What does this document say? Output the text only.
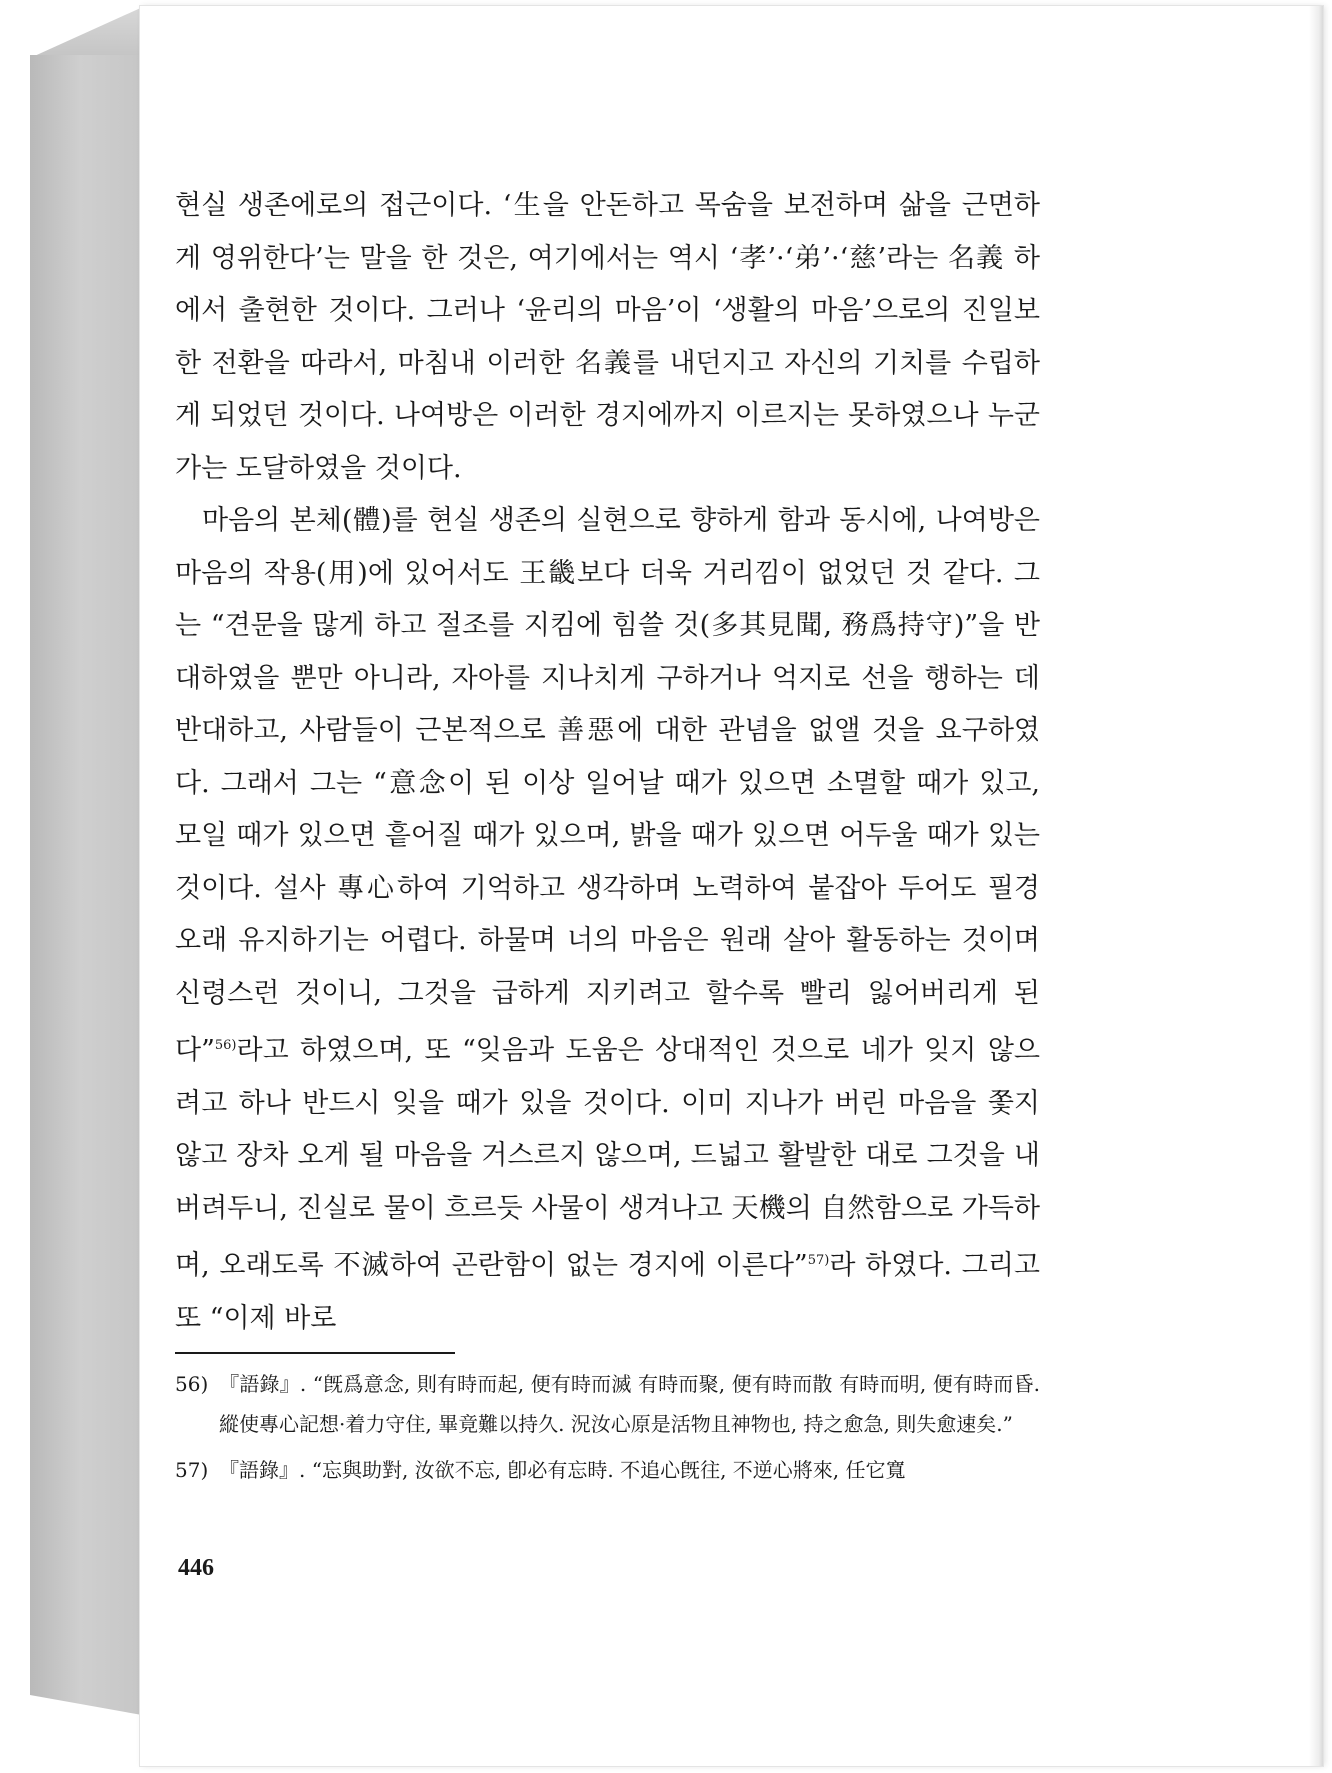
현실 생존에로의 접근이다. ‘生을 안돈하고 목숨을 보전하며 삶을 근면하게 영위한다’는 말을 한 것은, 여기에서는 역시 ‘孝’·‘弟’·‘慈’라는 名義 하에서 출현한 것이다. 그러나 ‘윤리의 마음’이 ‘생활의 마음’으로의 진일보한 전환을 따라서, 마침내 이러한 名義를 내던지고 자신의 기치를 수립하게 되었던 것이다. 나여방은 이러한 경지에까지 이르지는 못하였으나 누군가는 도달하였을 것이다.

마음의 본체(體)를 현실 생존의 실현으로 향하게 함과 동시에, 나여방은 마음의 작용(用)에 있어서도 王畿보다 더욱 거리낌이 없었던 것 같다. 그는 “견문을 많게 하고 절조를 지킴에 힘쓸 것(多其見聞, 務爲持守)”을 반대하였을 뿐만 아니라, 자아를 지나치게 구하거나 억지로 선을 행하는 데 반대하고, 사람들이 근본적으로 善惡에 대한 관념을 없앨 것을 요구하였다. 그래서 그는 “意念이 된 이상 일어날 때가 있으면 소멸할 때가 있고, 모일 때가 있으면 흩어질 때가 있으며, 밝을 때가 있으면 어두울 때가 있는 것이다. 설사 專心하여 기억하고 생각하며 노력하여 붙잡아 두어도 필경 오래 유지하기는 어렵다. 하물며 너의 마음은 원래 살아 활동하는 것이며 신령스런 것이니, 그것을 급하게 지키려고 할수록 빨리 잃어버리게 된다”$^{56)}$라고 하였으며, 또 “잊음과 도움은 상대적인 것으로 네가 잊지 않으려고 하나 반드시 잊을 때가 있을 것이다. 이미 지나가 버린 마음을 쫓지 않고 장차 오게 될 마음을 거스르지 않으며, 드넓고 활발한 대로 그것을 내버려두니, 진실로 물이 흐르듯 사물이 생겨나고 天機의 自然함으로 가득하며, 오래도록 不滅하여 곤란함이 없는 경지에 이른다”$^{57)}$라 하였다. 그리고 또 “이제 바로

56) 『語錄』. “旣爲意念, 則有時而起, 便有時而滅 有時而聚, 便有時而散 有時而明, 便有時而昏. 縱使專心記想·着力守住, 畢竟難以持久. 況汝心原是活物且神物也, 持之愈急, 則失愈速矣.”

57) 『語錄』. “忘與助對, 汝欲不忘, 卽必有忘時. 不追心旣往, 不逆心將來, 任它寬

446
